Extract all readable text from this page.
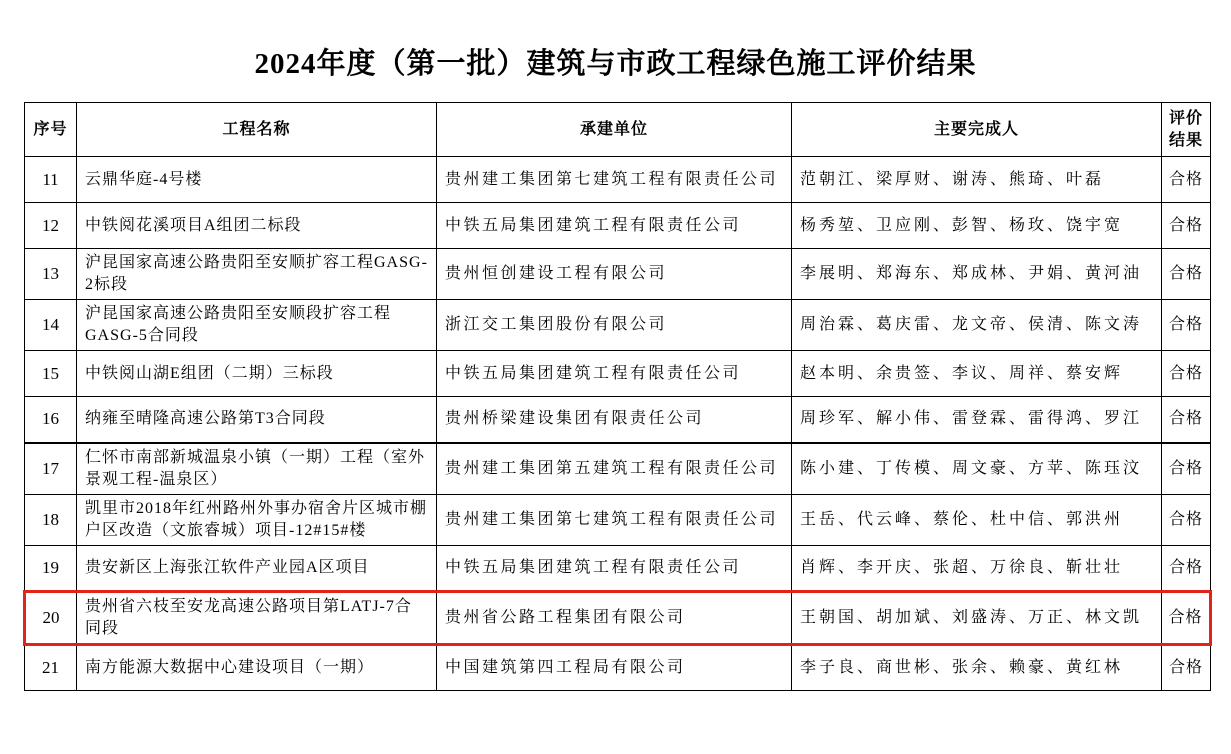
2024年度（第一批）建筑与市政工程绿色施工评价结果
序号	工程名称	承建单位	主要完成人	评价结果
11	云鼎华庭-4号楼	贵州建工集团第七建筑工程有限责任公司	范朝江、梁厚财、谢涛、熊琦、叶磊	合格
12	中铁阅花溪项目A组团二标段	中铁五局集团建筑工程有限责任公司	杨秀堃、卫应刚、彭智、杨玫、饶宇宽	合格
13	沪昆国家高速公路贵阳至安顺扩容工程GASG-2标段	贵州恒创建设工程有限公司	李展明、郑海东、郑成林、尹娟、黄河油	合格
14	沪昆国家高速公路贵阳至安顺段扩容工程GASG-5合同段	浙江交工集团股份有限公司	周治霖、葛庆雷、龙文帝、侯清、陈文涛	合格
15	中铁阅山湖E组团（二期）三标段	中铁五局集团建筑工程有限责任公司	赵本明、余贵签、李议、周祥、蔡安辉	合格
16	纳雍至晴隆高速公路第T3合同段	贵州桥梁建设集团有限责任公司	周珍军、解小伟、雷登霖、雷得鸿、罗江	合格
17	仁怀市南部新城温泉小镇（一期）工程（室外景观工程-温泉区）	贵州建工集团第五建筑工程有限责任公司	陈小建、丁传模、周文豪、方苹、陈珏汶	合格
18	凯里市2018年红州路州外事办宿舍片区城市棚户区改造（文旅睿城）项目-12#15#楼	贵州建工集团第七建筑工程有限责任公司	王岳、代云峰、蔡伦、杜中信、郭洪州	合格
19	贵安新区上海张江软件产业园A区项目	中铁五局集团建筑工程有限责任公司	肖辉、李开庆、张超、万徐良、靳壮壮	合格
20	贵州省六枝至安龙高速公路项目第LATJ-7合同段	贵州省公路工程集团有限公司	王朝国、胡加斌、刘盛涛、万正、林文凯	合格
21	南方能源大数据中心建设项目（一期）	中国建筑第四工程局有限公司	李子良、商世彬、张余、赖豪、黄红林	合格
